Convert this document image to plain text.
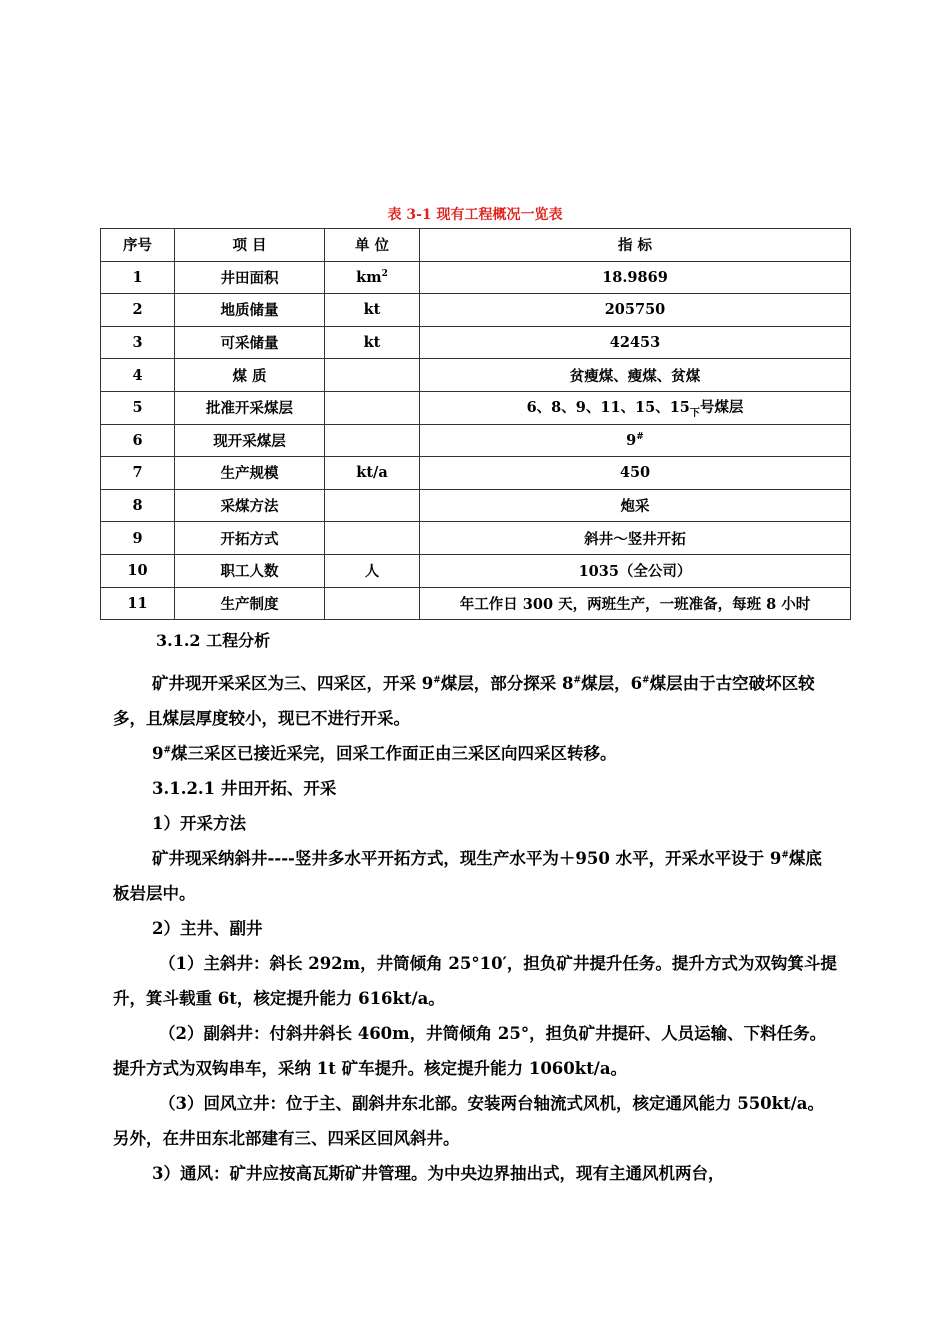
表 3-1 现有工程概况一览表
序号	项 目	单 位	指 标
1	井田面积	$km^2$	18.9869
2	地质储量	kt	205750
3	可采储量	kt	42453
4	煤 质		贫瘦煤、瘦煤、贫煤
5	批准开采煤层		6、8、9、11、15、$15_下$号煤层
6	现开采煤层		9#
7	生产规模	kt/a	450
8	采煤方法		炮采
9	开拓方式		斜井～竖井开拓
10	职工人数	人	1035（全公司）
11	生产制度		年工作日 300 天，两班生产，一班准备，每班 8 小时
3.1.2 工程分析

矿井现开采采区为三、四采区，开采 9#煤层，部分探采 8#煤层，6#煤层由于古空破坏区较多，且煤层厚度较小，现已不进行开采。

9#煤三采区已接近采完，回采工作面正由三采区向四采区转移。

3.1.2.1 井田开拓、开采

1）开采方法

矿井现采纳斜井----竖井多水平开拓方式，现生产水平为＋950 水平，开采水平设于 9#煤底板岩层中。

2）主井、副井

（1）主斜井：斜长 292m，井筒倾角 25°10′，担负矿井提升任务。提升方式为双钩箕斗提升，箕斗载重 6t，核定提升能力 616kt/a。

（2）副斜井：付斜井斜长 460m，井筒倾角 25°，担负矿井提矸、人员运输、下料任务。提升方式为双钩串车，采纳 1t 矿车提升。核定提升能力 1060kt/a。

（3）回风立井：位于主、副斜井东北部。安装两台轴流式风机，核定通风能力 550kt/a。另外，在井田东北部建有三、四采区回风斜井。

3）通风：矿井应按高瓦斯矿井管理。为中央边界抽出式，现有主通风机两台，
